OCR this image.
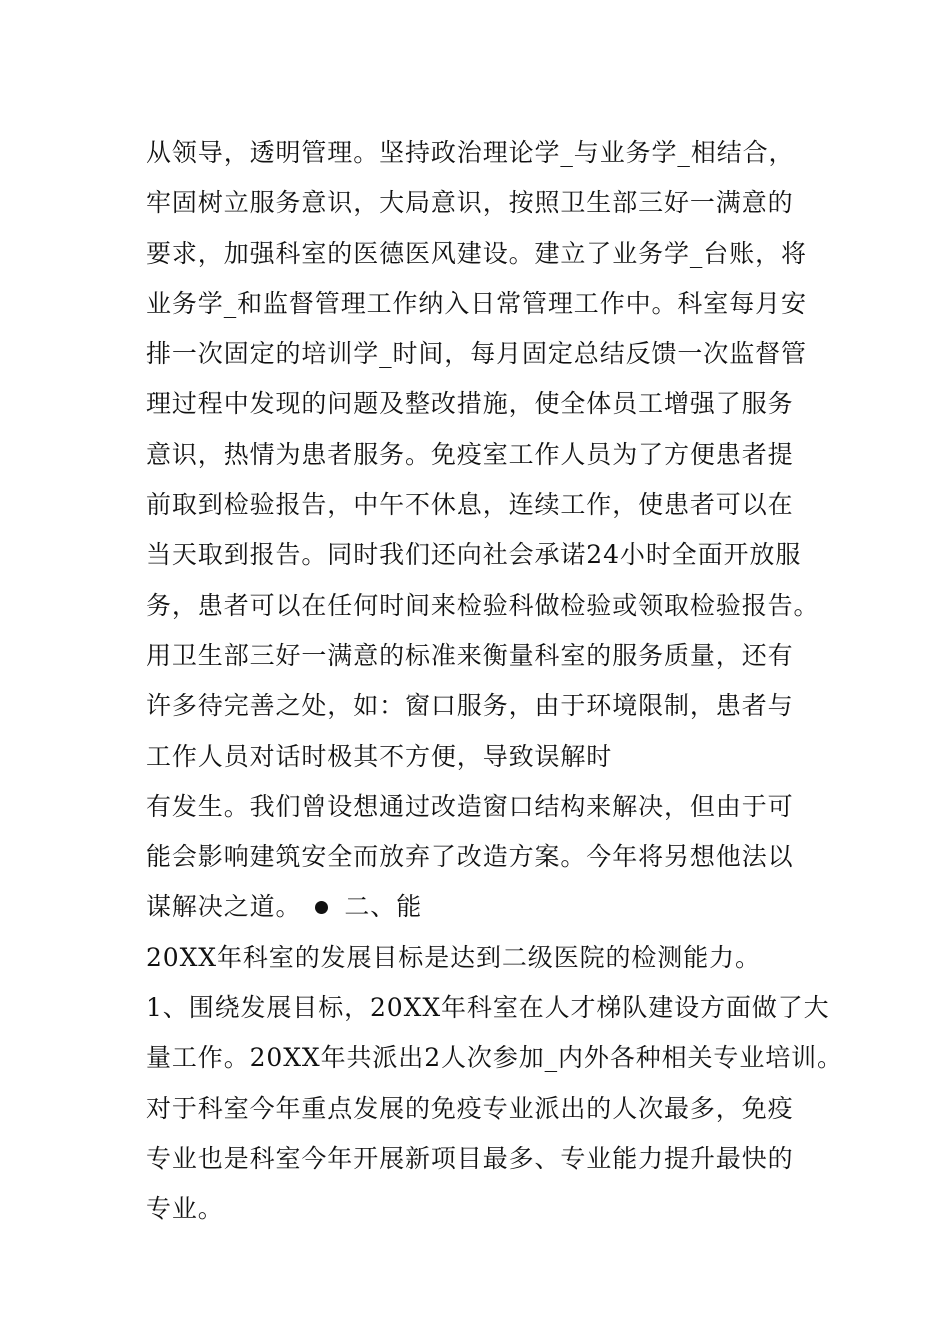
从领导，透明管理。坚持政治理论学_与业务学_相结合，
牢固树立服务意识，大局意识，按照卫生部三好一满意的
要求，加强科室的医德医风建设。建立了业务学_台账，将
业务学_和监督管理工作纳入日常管理工作中。科室每月安
排一次固定的培训学_时间，每月固定总结反馈一次监督管
理过程中发现的问题及整改措施，使全体员工增强了服务
意识，热情为患者服务。免疫室工作人员为了方便患者提
前取到检验报告，中午不休息，连续工作，使患者可以在
当天取到报告。同时我们还向社会承诺24小时全面开放服
务，患者可以在任何时间来检验科做检验或领取检验报告。
用卫生部三好一满意的标准来衡量科室的服务质量，还有
许多待完善之处，如：窗口服务，由于环境限制，患者与
工作人员对话时极其不方便，导致误解时
有发生。我们曾设想通过改造窗口结构来解决，但由于可
能会影响建筑安全而放弃了改造方案。今年将另想他法以
谋解决之道。 二、能
20XX年科室的发展目标是达到二级医院的检测能力。
1、围绕发展目标，20XX年科室在人才梯队建设方面做了大
量工作。20XX年共派出2人次参加_内外各种相关专业培训。
对于科室今年重点发展的免疫专业派出的人次最多，免疫
专业也是科室今年开展新项目最多、专业能力提升最快的
专业。
